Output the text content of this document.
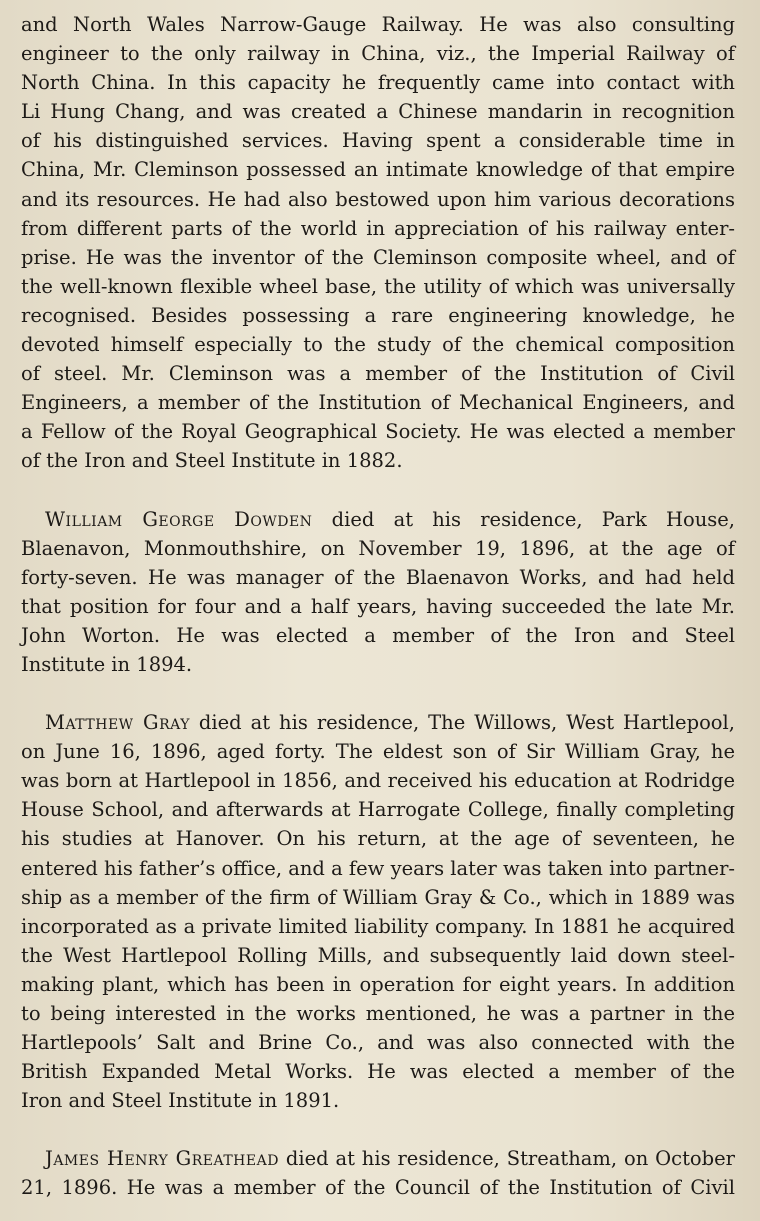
and North Wales Narrow-Gauge Railway. He was also consulting
engineer to the only railway in China, viz., the Imperial Railway of
North China. In this capacity he frequently came into contact with
Li Hung Chang, and was created a Chinese mandarin in recognition
of his distinguished services. Having spent a considerable time in
China, Mr. Cleminson possessed an intimate knowledge of that empire
and its resources. He had also bestowed upon him various decorations
from different parts of the world in appreciation of his railway enter-
prise. He was the inventor of the Cleminson composite wheel, and of
the well-known flexible wheel base, the utility of which was universally
recognised. Besides possessing a rare engineering knowledge, he
devoted himself especially to the study of the chemical composition
of steel. Mr. Cleminson was a member of the Institution of Civil
Engineers, a member of the Institution of Mechanical Engineers, and
a Fellow of the Royal Geographical Society. He was elected a member
of the Iron and Steel Institute in 1882.
William George Dowden died at his residence, Park House,
Blaenavon, Monmouthshire, on November 19, 1896, at the age of
forty-seven. He was manager of the Blaenavon Works, and had held
that position for four and a half years, having succeeded the late Mr.
John Worton. He was elected a member of the Iron and Steel
Institute in 1894.
Matthew Gray died at his residence, The Willows, West Hartlepool,
on June 16, 1896, aged forty. The eldest son of Sir William Gray, he
was born at Hartlepool in 1856, and received his education at Rodridge
House School, and afterwards at Harrogate College, finally completing
his studies at Hanover. On his return, at the age of seventeen, he
entered his father’s office, and a few years later was taken into partner-
ship as a member of the firm of William Gray & Co., which in 1889 was
incorporated as a private limited liability company. In 1881 he acquired
the West Hartlepool Rolling Mills, and subsequently laid down steel-
making plant, which has been in operation for eight years. In addition
to being interested in the works mentioned, he was a partner in the
Hartlepools’ Salt and Brine Co., and was also connected with the
British Expanded Metal Works. He was elected a member of the
Iron and Steel Institute in 1891.
James Henry Greathead died at his residence, Streatham, on October
21, 1896. He was a member of the Council of the Institution of Civil
